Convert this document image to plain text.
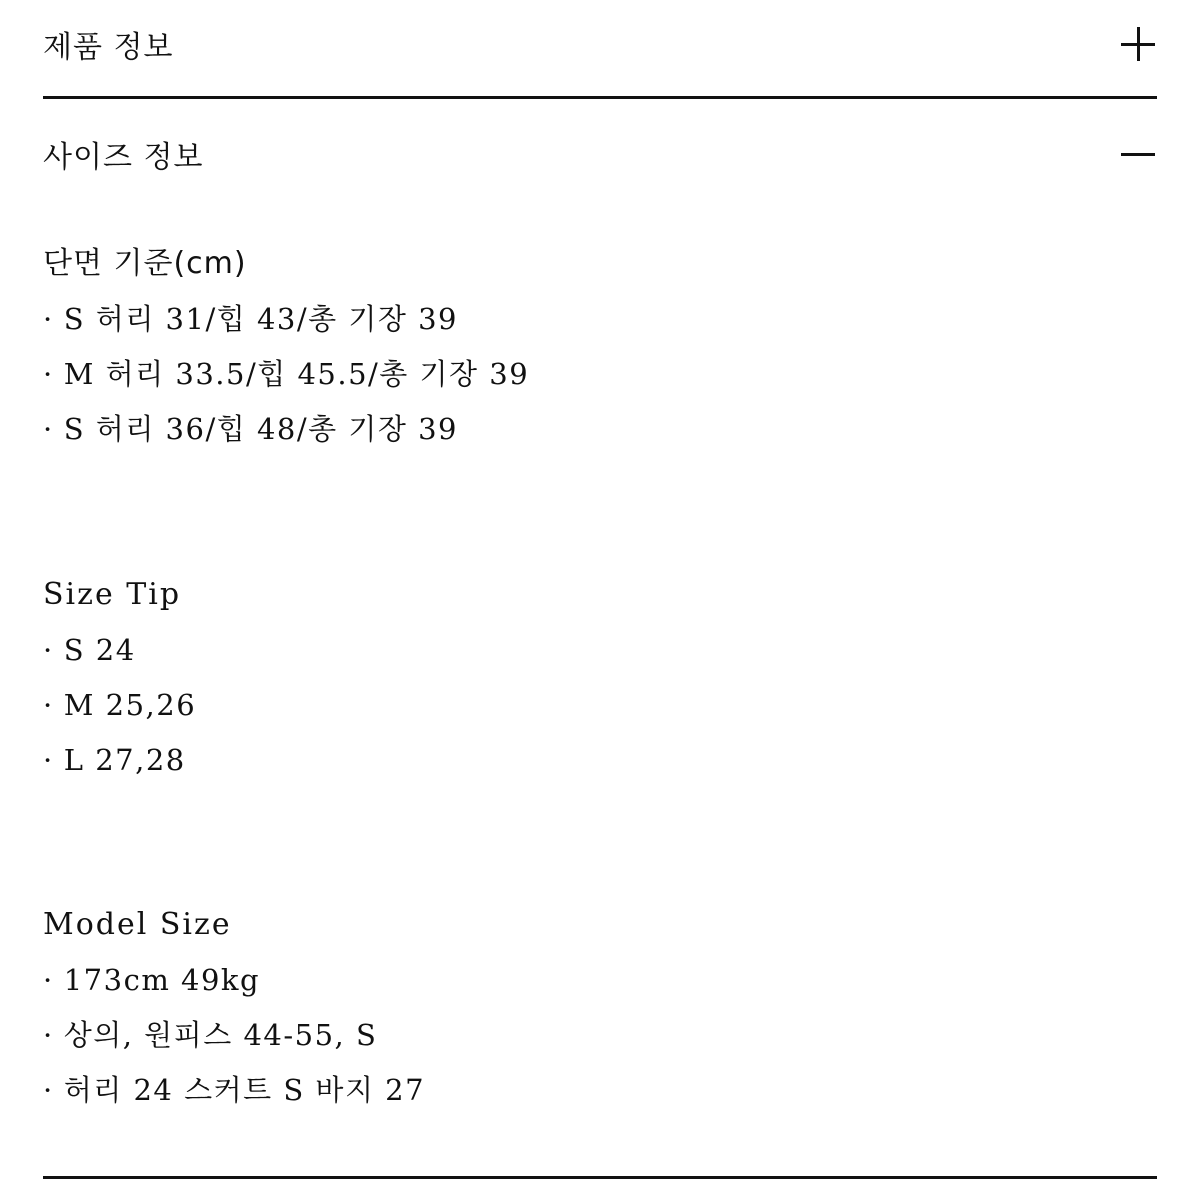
제품 정보
사이즈 정보
단면 기준(cm)
· S 허리 31/힙 43/총 기장 39
· M 허리 33.5/힙 45.5/총 기장 39
· S 허리 36/힙 48/총 기장 39
Size Tip
· S 24
· M 25,26
· L 27,28
Model Size
· 173cm 49kg
· 상의, 원피스 44-55, S
· 허리 24 스커트 S 바지 27
